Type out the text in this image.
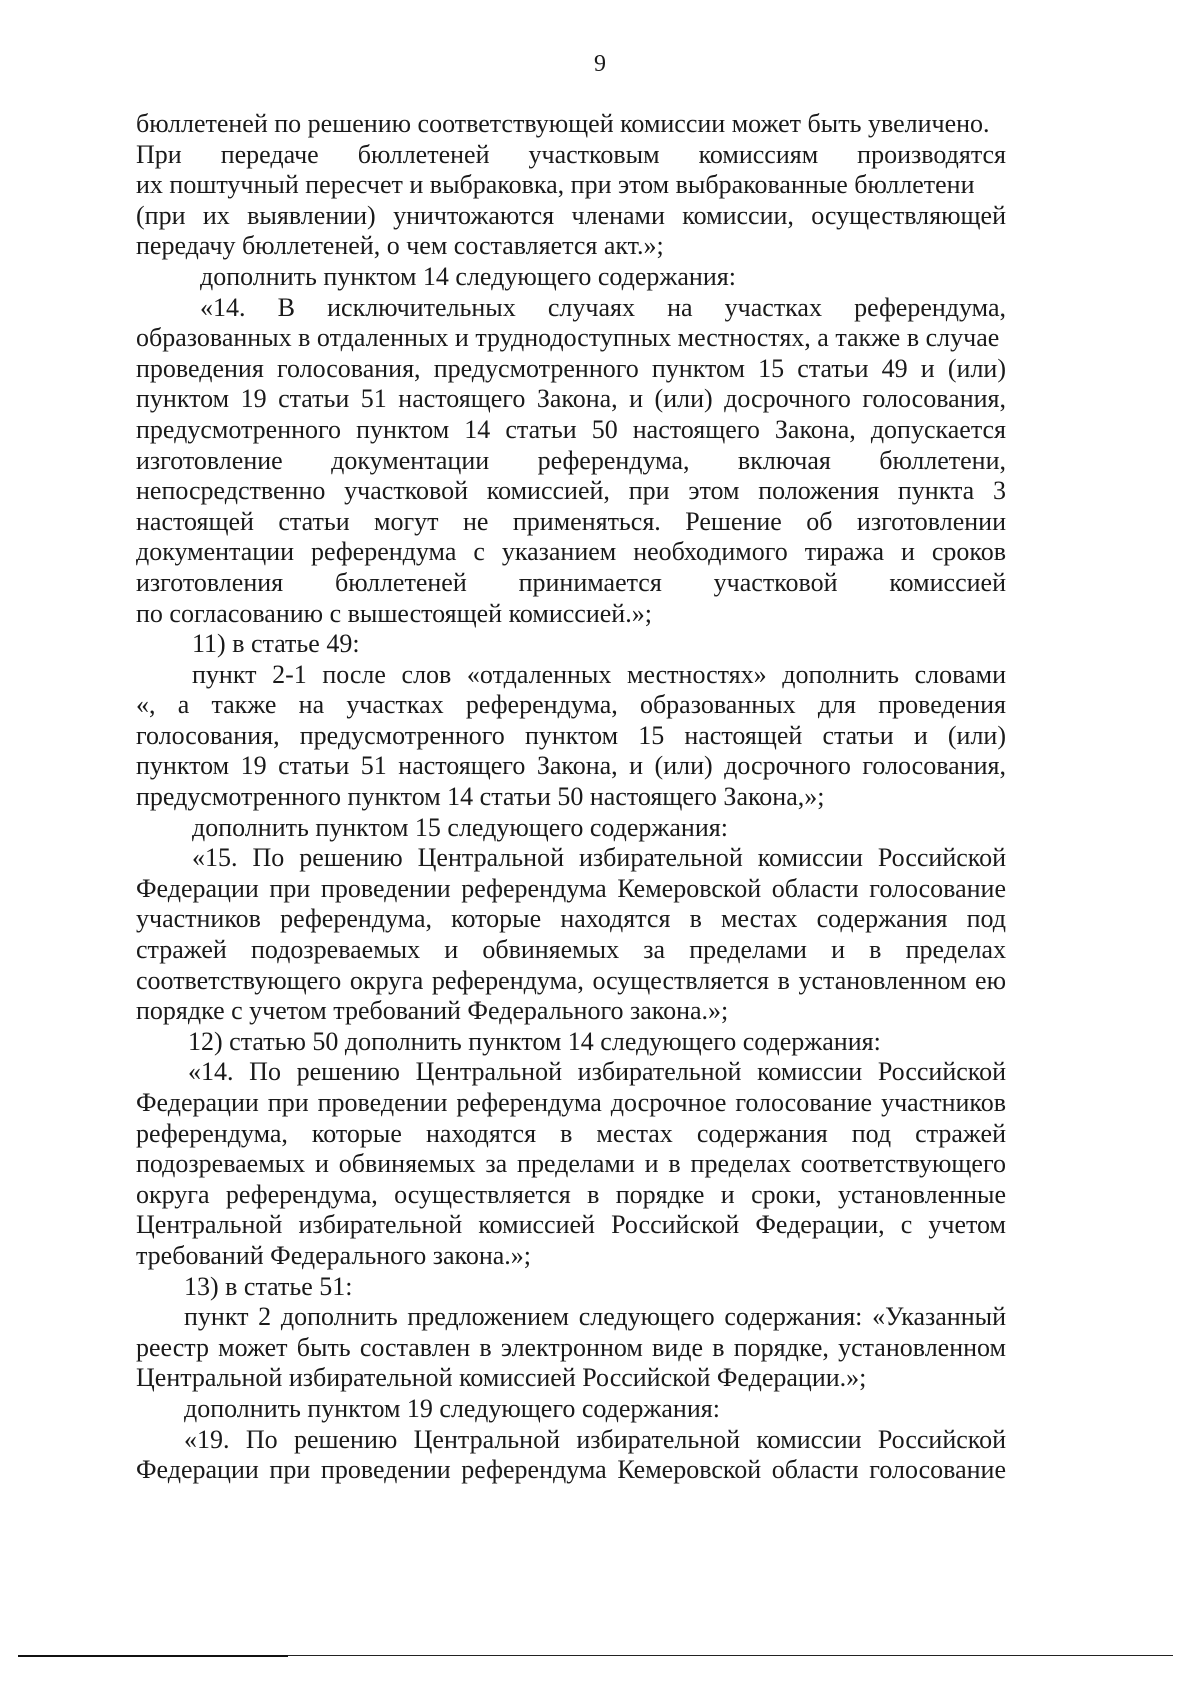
9
бюллетеней по решению соответствующей комиссии может быть увеличено.
При передаче бюллетеней участковым комиссиям производятся
их поштучный пересчет и выбраковка, при этом выбракованные бюллетени
(при их выявлении) уничтожаются членами комиссии, осуществляющей
передачу бюллетеней, о чем составляется акт.»;
дополнить пунктом 14 следующего содержания:
«14. В исключительных случаях на участках референдума,
образованных в отдаленных и труднодоступных местностях, а также в случае
проведения голосования, предусмотренного пунктом 15 статьи 49 и (или)
пунктом 19 статьи 51 настоящего Закона, и (или) досрочного голосования,
предусмотренного пунктом 14 статьи 50 настоящего Закона, допускается
изготовление документации референдума, включая бюллетени,
непосредственно участковой комиссией, при этом положения пункта 3
настоящей статьи могут не применяться. Решение об изготовлении
документации референдума с указанием необходимого тиража и сроков
изготовления бюллетеней принимается участковой комиссией
по согласованию с вышестоящей комиссией.»;
11) в статье 49:
пункт 2-1 после слов «отдаленных местностях» дополнить словами
«, а также на участках референдума, образованных для проведения
голосования, предусмотренного пунктом 15 настоящей статьи и (или)
пунктом 19 статьи 51 настоящего Закона, и (или) досрочного голосования,
предусмотренного пунктом 14 статьи 50 настоящего Закона,»;
дополнить пунктом 15 следующего содержания:
«15. По решению Центральной избирательной комиссии Российской
Федерации при проведении референдума Кемеровской области голосование
участников референдума, которые находятся в местах содержания под
стражей подозреваемых и обвиняемых за пределами и в пределах
соответствующего округа референдума, осуществляется в установленном ею
порядке с учетом требований Федерального закона.»;
12) статью 50 дополнить пунктом 14 следующего содержания:
«14. По решению Центральной избирательной комиссии Российской
Федерации при проведении референдума досрочное голосование участников
референдума, которые находятся в местах содержания под стражей
подозреваемых и обвиняемых за пределами и в пределах соответствующего
округа референдума, осуществляется в порядке и сроки, установленные
Центральной избирательной комиссией Российской Федерации, с учетом
требований Федерального закона.»;
13) в статье 51:
пункт 2 дополнить предложением следующего содержания: «Указанный
реестр может быть составлен в электронном виде в порядке, установленном
Центральной избирательной комиссией Российской Федерации.»;
дополнить пунктом 19 следующего содержания:
«19. По решению Центральной избирательной комиссии Российской
Федерации при проведении референдума Кемеровской области голосование
